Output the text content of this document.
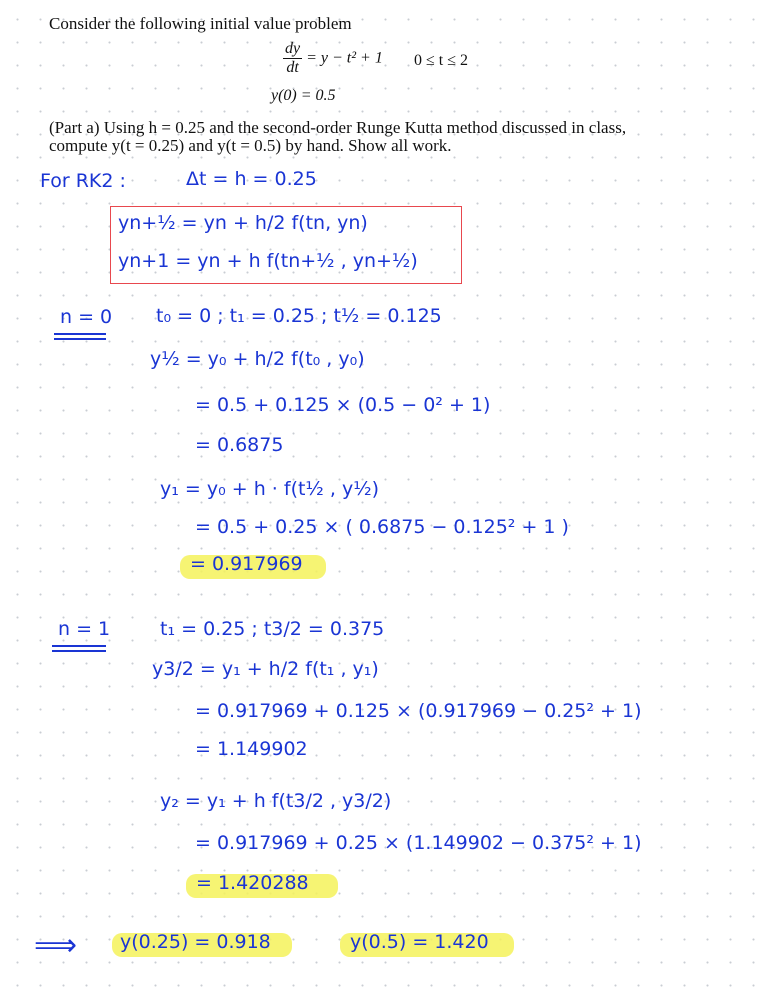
Consider the following initial value problem
$\frac{dy}{dt} = y - t^2 + 1$ 0 ≤ t ≤ 2
y(0) = 0.5
(Part a) Using h = 0.25 and the second-order Runge Kutta method discussed in class,
compute y(t = 0.25) and y(t = 0.5) by hand. Show all work.
For RK2 :	Δt = h = 0.25
yn+½ = yn + h/2 f(tn, yn)
yn+1 = yn + h f(tn+½ , yn+½)
n = 0 t₀ = 0 ; t₁ = 0.25 ; t½ = 0.125
y½ = y₀ + h/2 f(t₀ , y₀)
= 0.5 + 0.125 × (0.5 − 0² + 1)
= 0.6875
y₁ = y₀ + h · f(t½ , y½)
= 0.5 + 0.25 × ( 0.6875 − 0.125² + 1 )
= 0.917969
n = 1	t₁ = 0.25 ; t3/2 = 0.375
y3/2 = y₁ + h/2 f(t₁ , y₁)
= 0.917969 + 0.125 × (0.917969 − 0.25² + 1)
= 1.149902
y₂ = y₁ + h f(t3/2 , y3/2)
= 0.917969 + 0.25 × (1.149902 − 0.375² + 1)
= 1.420288
⟹ y(0.25) = 0.918	y(0.5) = 1.420
